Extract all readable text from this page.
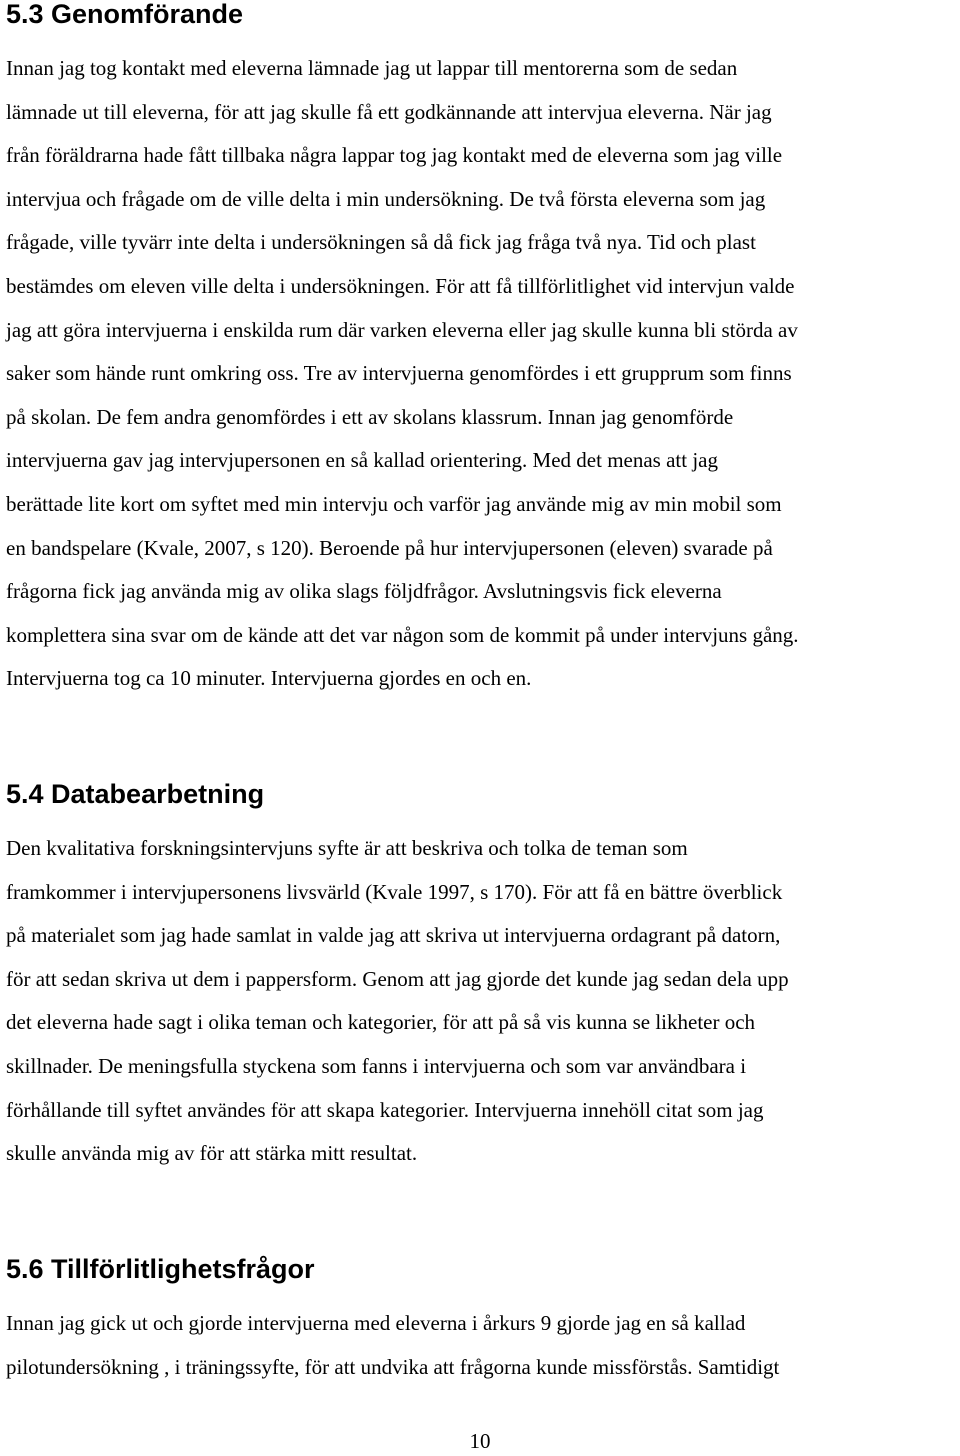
5.3 Genomförande
Innan jag tog kontakt med eleverna lämnade jag ut lappar till mentorerna som de sedan
lämnade ut till eleverna, för att jag skulle få ett godkännande att intervjua eleverna. När jag
från föräldrarna hade fått tillbaka några lappar tog jag kontakt med de eleverna som jag ville
intervjua och frågade om de ville delta i min undersökning. De två första eleverna som jag
frågade, ville tyvärr inte delta i undersökningen så då fick jag fråga två nya. Tid och plast
bestämdes om eleven ville delta i undersökningen. För att få tillförlitlighet vid intervjun valde
jag att göra intervjuerna i enskilda rum där varken eleverna eller jag skulle kunna bli störda av
saker som hände runt omkring oss. Tre av intervjuerna genomfördes i ett grupprum som finns
på skolan. De fem andra genomfördes i ett av skolans klassrum. Innan jag genomförde
intervjuerna gav jag intervjupersonen en så kallad orientering. Med det menas att jag
berättade lite kort om syftet med min intervju och varför jag använde mig av min mobil som
en bandspelare (Kvale, 2007, s 120). Beroende på hur intervjupersonen (eleven) svarade på
frågorna fick jag använda mig av olika slags följdfrågor. Avslutningsvis fick eleverna
komplettera sina svar om de kände att det var någon som de kommit på under intervjuns gång.
Intervjuerna tog ca 10 minuter. Intervjuerna gjordes en och en.
5.4 Databearbetning
Den kvalitativa forskningsintervjuns syfte är att beskriva och tolka de teman som
framkommer i intervjupersonens livsvärld (Kvale 1997, s 170). För att få en bättre överblick
på materialet som jag hade samlat in valde jag att skriva ut intervjuerna ordagrant på datorn,
för att sedan skriva ut dem i pappersform. Genom att jag gjorde det kunde jag sedan dela upp
det eleverna hade sagt i olika teman och kategorier, för att på så vis kunna se likheter och
skillnader. De meningsfulla styckena som fanns i intervjuerna och som var användbara i
förhållande till syftet användes för att skapa kategorier. Intervjuerna innehöll citat som jag
skulle använda mig av för att stärka mitt resultat.
5.6 Tillförlitlighetsfrågor
Innan jag gick ut och gjorde intervjuerna med eleverna i årkurs 9 gjorde jag en så kallad
pilotundersökning , i träningssyfte, för att undvika att frågorna kunde missförstås. Samtidigt
10
